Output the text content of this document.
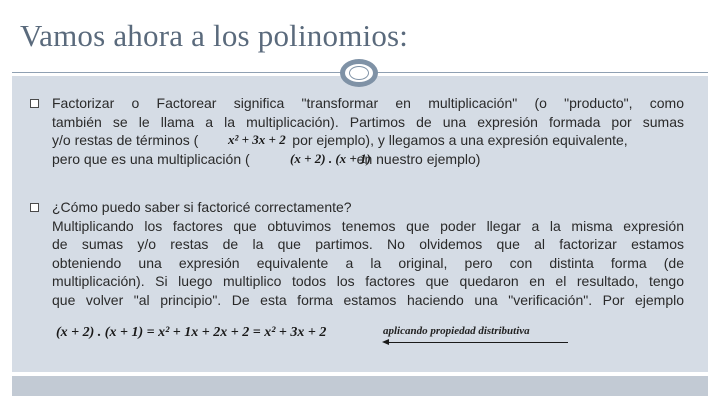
Vamos ahora a los polinomios:
Factorizar o Factorear significa "transformar en multiplicación" (o "producto", como
también se le llama a la multiplicación). Partimos de una expresión formada por sumas
y/o restas de términos (	por ejemplo), y llegamos a una expresión equivalente,
pero que es una multiplicación (	en nuestro ejemplo)
x² + 3x + 2
(x + 2) . (x + 1)
¿Cómo puedo saber si factoricé correctamente?
Multiplicando los factores que obtuvimos tenemos que poder llegar a la misma expresión
de sumas y/o restas de la que partimos. No olvidemos que al factorizar estamos
obteniendo una expresión equivalente a la original, pero con distinta forma (de
multiplicación). Si luego multiplico todos los factores que quedaron en el resultado, tengo
que volver "al principio". De esta forma estamos haciendo una "verificación". Por ejemplo
(x + 2) . (x + 1) = x² + 1x + 2x + 2 = x² + 3x + 2	aplicando propiedad distributiva
